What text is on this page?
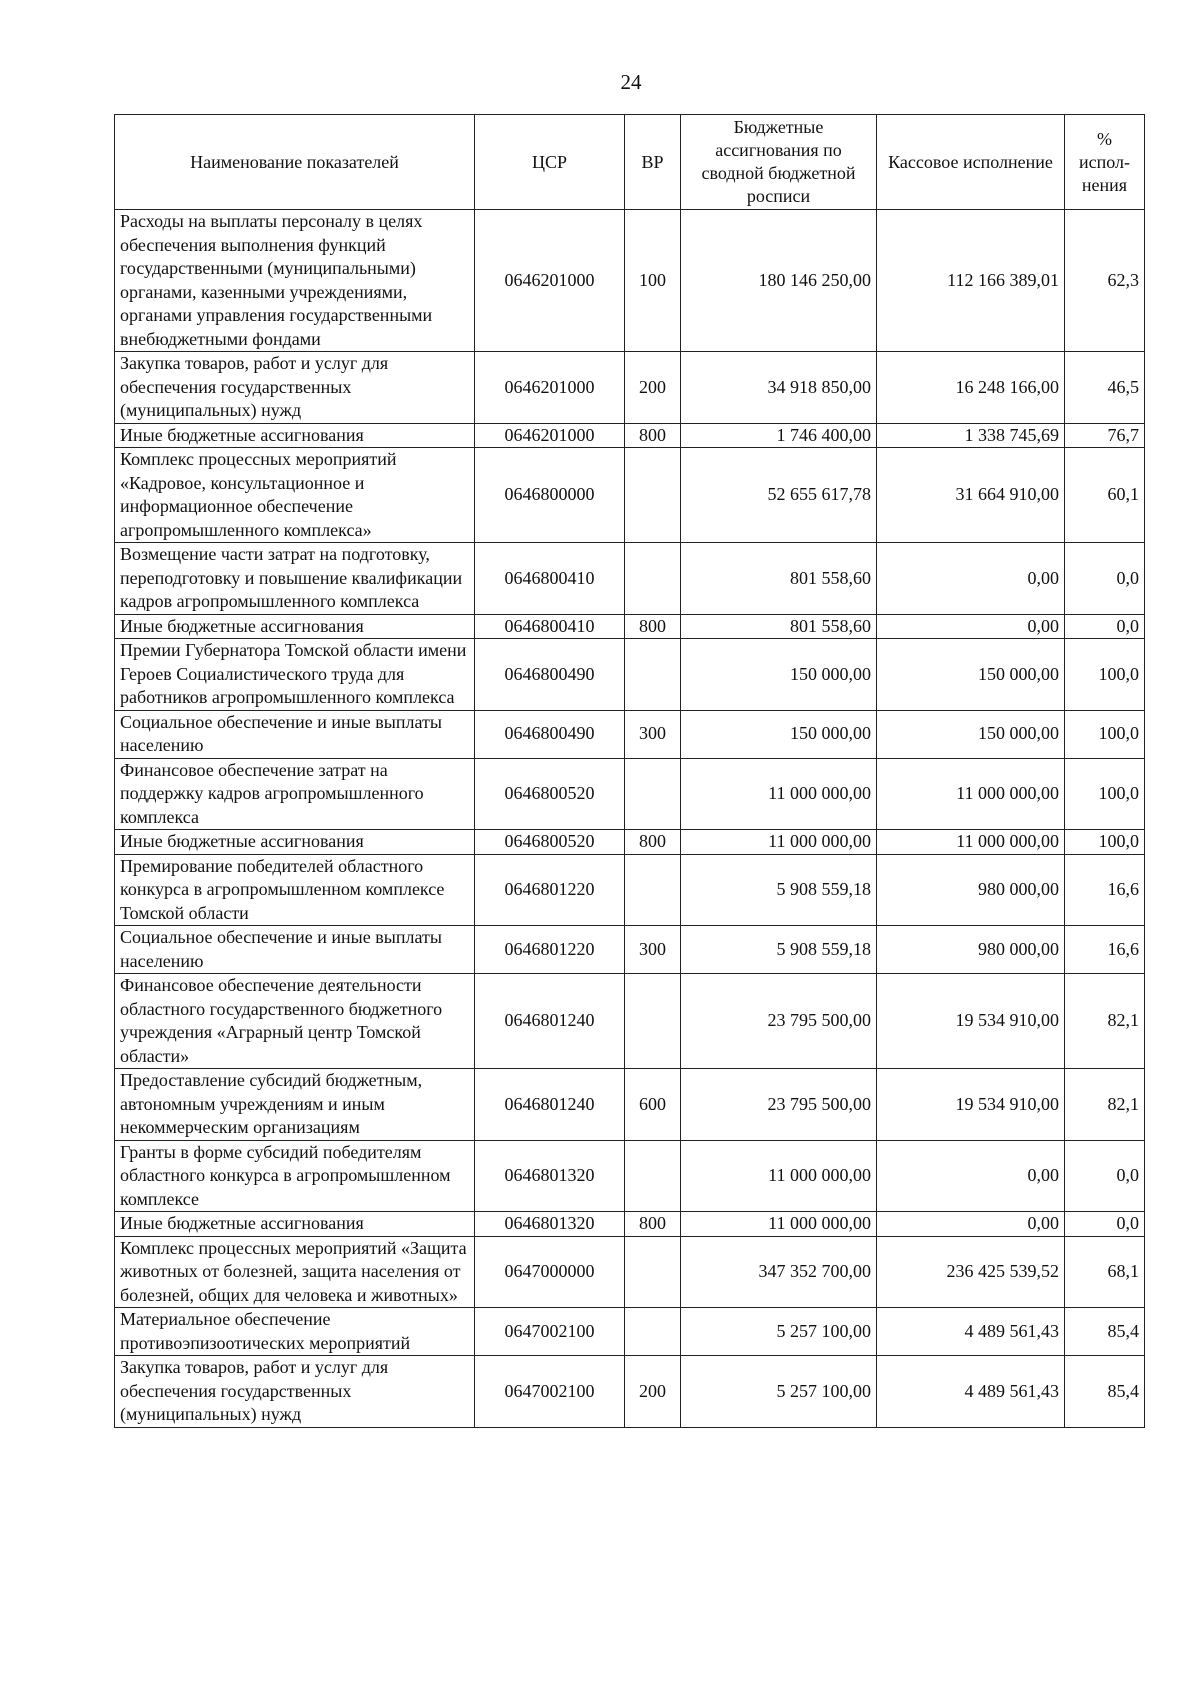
24
Наименование показателей	ЦСР	ВР	Бюджетные ассигнования по сводной бюджетной росписи	Кассовое исполнение	% испол-нения
Расходы на выплаты персоналу в целях обеспечения выполнения функций государственными (муниципальными) органами, казенными учреждениями, органами управления государственными внебюджетными фондами	0646201000	100	180 146 250,00	112 166 389,01	62,3
Закупка товаров, работ и услуг для обеспечения государственных (муниципальных) нужд	0646201000	200	34 918 850,00	16 248 166,00	46,5
Иные бюджетные ассигнования	0646201000	800	1 746 400,00	1 338 745,69	76,7
Комплекс процессных мероприятий «Кадровое, консультационное и информационное обеспечение агропромышленного комплекса»	0646800000		52 655 617,78	31 664 910,00	60,1
Возмещение части затрат на подготовку, переподготовку и повышение квалификации кадров агропромышленного комплекса	0646800410		801 558,60	0,00	0,0
Иные бюджетные ассигнования	0646800410	800	801 558,60	0,00	0,0
Премии Губернатора Томской области имени Героев Социалистического труда для работников агропромышленного комплекса	0646800490		150 000,00	150 000,00	100,0
Социальное обеспечение и иные выплаты населению	0646800490	300	150 000,00	150 000,00	100,0
Финансовое обеспечение затрат на поддержку кадров агропромышленного комплекса	0646800520		11 000 000,00	11 000 000,00	100,0
Иные бюджетные ассигнования	0646800520	800	11 000 000,00	11 000 000,00	100,0
Премирование победителей областного конкурса в агропромышленном комплексе Томской области	0646801220		5 908 559,18	980 000,00	16,6
Социальное обеспечение и иные выплаты населению	0646801220	300	5 908 559,18	980 000,00	16,6
Финансовое обеспечение деятельности областного государственного бюджетного учреждения «Аграрный центр Томской области»	0646801240		23 795 500,00	19 534 910,00	82,1
Предоставление субсидий бюджетным, автономным учреждениям и иным некоммерческим организациям	0646801240	600	23 795 500,00	19 534 910,00	82,1
Гранты в форме субсидий победителям областного конкурса в агропромышленном комплексе	0646801320		11 000 000,00	0,00	0,0
Иные бюджетные ассигнования	0646801320	800	11 000 000,00	0,00	0,0
Комплекс процессных мероприятий «Защита животных от болезней, защита населения от болезней, общих для человека и животных»	0647000000		347 352 700,00	236 425 539,52	68,1
Материальное обеспечение противоэпизоотических мероприятий	0647002100		5 257 100,00	4 489 561,43	85,4
Закупка товаров, работ и услуг для обеспечения государственных (муниципальных) нужд	0647002100	200	5 257 100,00	4 489 561,43	85,4
